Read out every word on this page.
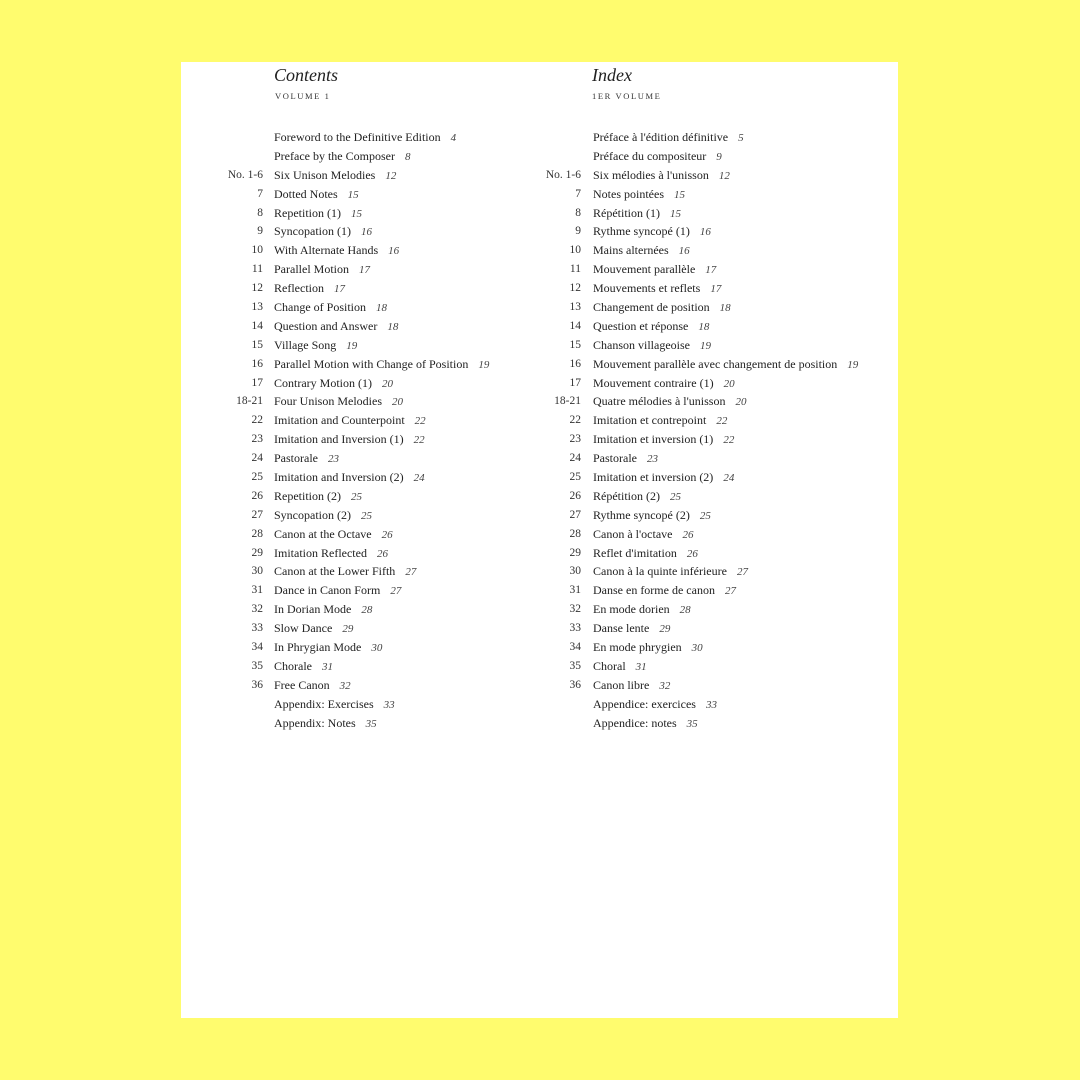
Contents
VOLUME 1
Foreword to the Definitive Edition 4
Preface by the Composer 8
No. 1-6 Six Unison Melodies 12
7 Dotted Notes 15
8 Repetition (1) 15
9 Syncopation (1) 16
10 With Alternate Hands 16
11 Parallel Motion 17
12 Reflection 17
13 Change of Position 18
14 Question and Answer 18
15 Village Song 19
16 Parallel Motion with Change of Position 19
17 Contrary Motion (1) 20
18-21 Four Unison Melodies 20
22 Imitation and Counterpoint 22
23 Imitation and Inversion (1) 22
24 Pastorale 23
25 Imitation and Inversion (2) 24
26 Repetition (2) 25
27 Syncopation (2) 25
28 Canon at the Octave 26
29 Imitation Reflected 26
30 Canon at the Lower Fifth 27
31 Dance in Canon Form 27
32 In Dorian Mode 28
33 Slow Dance 29
34 In Phrygian Mode 30
35 Chorale 31
36 Free Canon 32
Appendix: Exercises 33
Appendix: Notes 35
Index
1ER VOLUME
Préface à l'édition définitive 5
Préface du compositeur 9
No. 1-6 Six mélodies à l'unisson 12
7 Notes pointées 15
8 Répétition (1) 15
9 Rythme syncopé (1) 16
10 Mains alternées 16
11 Mouvement parallèle 17
12 Mouvements et reflets 17
13 Changement de position 18
14 Question et réponse 18
15 Chanson villageoise 19
16 Mouvement parallèle avec changement de position 19
17 Mouvement contraire (1) 20
18-21 Quatre mélodies à l'unisson 20
22 Imitation et contrepoint 22
23 Imitation et inversion (1) 22
24 Pastorale 23
25 Imitation et inversion (2) 24
26 Répétition (2) 25
27 Rythme syncopé (2) 25
28 Canon à l'octave 26
29 Reflet d'imitation 26
30 Canon à la quinte inférieure 27
31 Danse en forme de canon 27
32 En mode dorien 28
33 Danse lente 29
34 En mode phrygien 30
35 Choral 31
36 Canon libre 32
Appendice: exercices 33
Appendice: notes 35
